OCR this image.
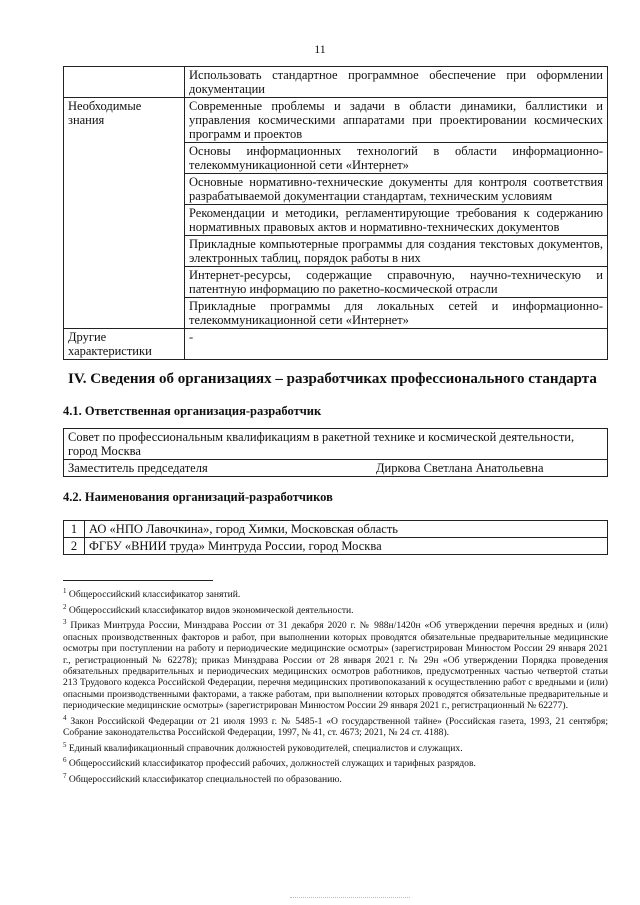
11
	Использовать стандартное программное обеспечение при оформлении документации
Необходимые знания	Современные проблемы и задачи в области динамики, баллистики и управления космическими аппаратами при проектировании космических программ и проектов
	Основы информационных технологий в области информационно-телекоммуникационной сети «Интернет»
	Основные нормативно-технические документы для контроля соответствия разрабатываемой документации стандартам, техническим условиям
	Рекомендации и методики, регламентирующие требования к содержанию нормативных правовых актов и нормативно-технических документов
	Прикладные компьютерные программы для создания текстовых документов, электронных таблиц, порядок работы в них
	Интернет-ресурсы, содержащие справочную, научно-техническую и патентную информацию по ракетно-космической отрасли
	Прикладные программы для локальных сетей и информационно-телекоммуникационной сети «Интернет»
Другие характеристики	-
IV. Сведения об организациях – разработчиках профессионального стандарта
4.1. Ответственная организация-разработчик
Совет по профессиональным квалификациям в ракетной технике и космической деятельности, город Москва
Заместитель председателя	Диркова Светлана Анатольевна
4.2. Наименования организаций-разработчиков
1	АО «НПО Лавочкина», город Химки, Московская область
2	ФГБУ «ВНИИ труда» Минтруда России, город Москва

$^1$ Общероссийский классификатор занятий.

$^2$ Общероссийский классификатор видов экономической деятельности.

$^3$ Приказ Минтруда России, Минздрава России от 31 декабря 2020 г. № 988н/1420н «Об утверждении перечня вредных и (или) опасных производственных факторов и работ, при выполнении которых проводятся обязательные предварительные медицинские осмотры при поступлении на работу и периодические медицинские осмотры» (зарегистрирован Минюстом России 29 января 2021 г., регистрационный № 62278); приказ Минздрава России от 28 января 2021 г. № 29н «Об утверждении Порядка проведения обязательных предварительных и периодических медицинских осмотров работников, предусмотренных частью четвертой статьи 213 Трудового кодекса Российской Федерации, перечня медицинских противопоказаний к осуществлению работ с вредными и (или) опасными производственными факторами, а также работам, при выполнении которых проводятся обязательные предварительные и периодические медицинские осмотры» (зарегистрирован Минюстом России 29 января 2021 г., регистрационный № 62277).

$^4$ Закон Российской Федерации от 21 июля 1993 г. № 5485-1 «О государственной тайне» (Российская газета, 1993, 21 сентября; Собрание законодательства Российской Федерации, 1997, № 41, ст. 4673; 2021, № 24 ст. 4188).

$^5$ Единый квалификационный справочник должностей руководителей, специалистов и служащих.

$^6$ Общероссийский классификатор профессий рабочих, должностей служащих и тарифных разрядов.

$^7$ Общероссийский классификатор специальностей по образованию.
